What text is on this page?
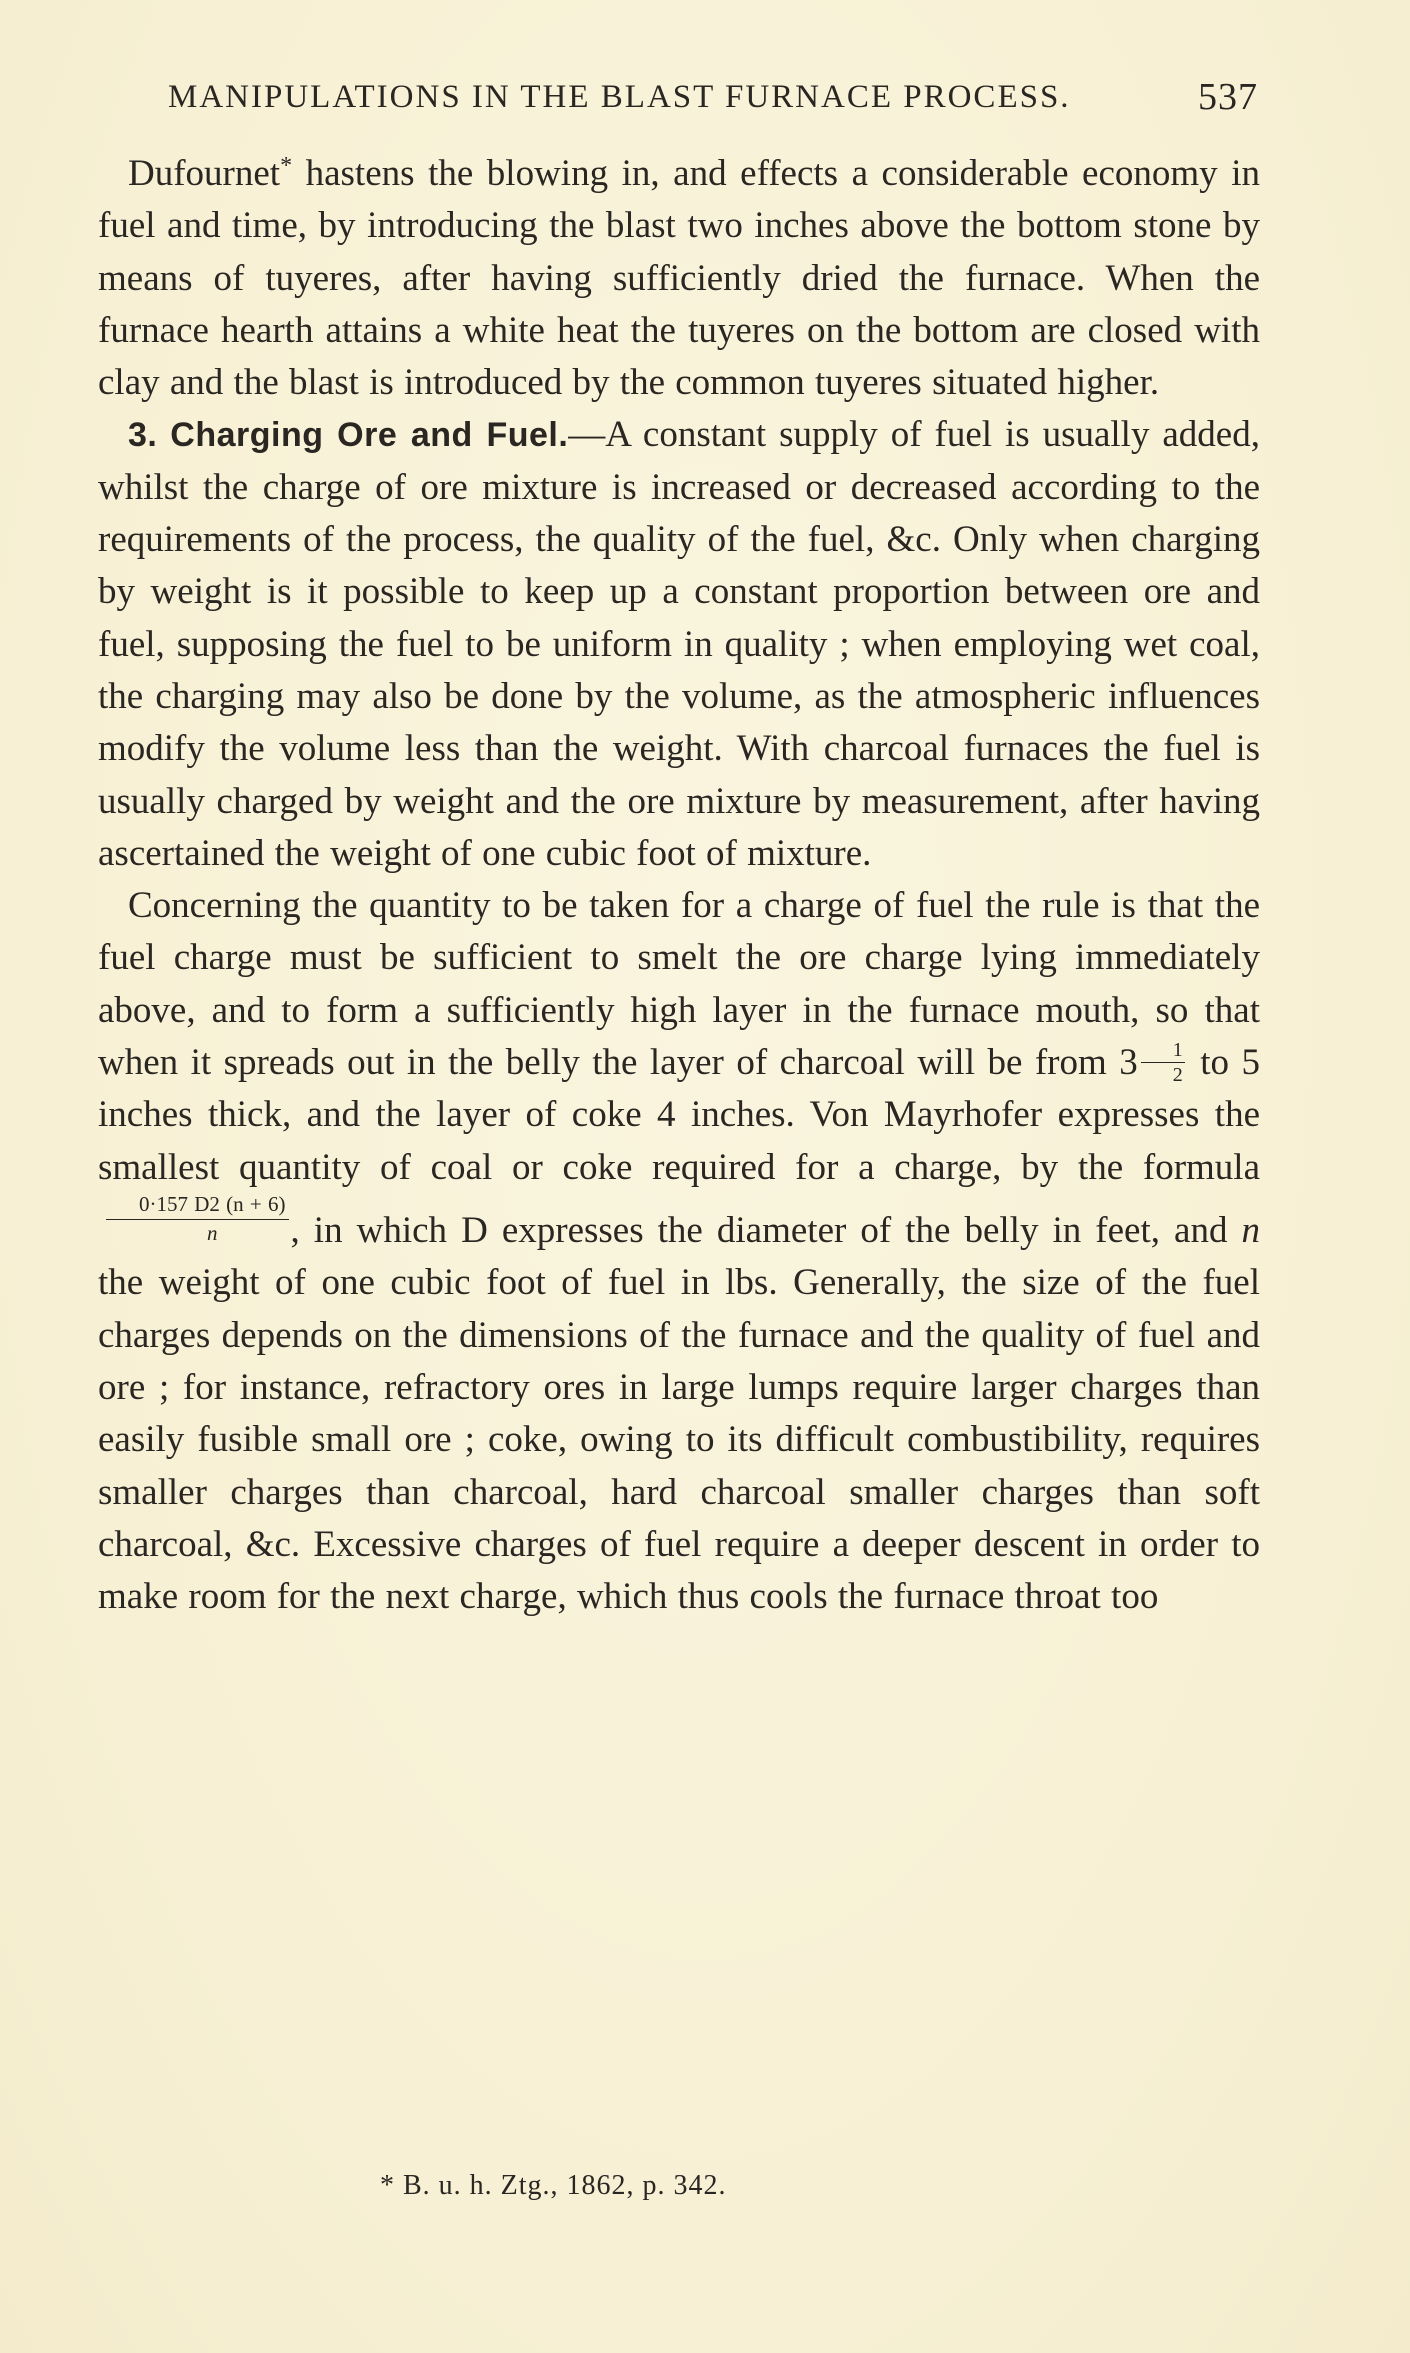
MANIPULATIONS IN THE BLAST FURNACE PROCESS.	537

Dufournet* hastens the blowing in, and effects a considerable economy in fuel and time, by introducing the blast two inches above the bottom stone by means of tuyeres, after having sufficiently dried the furnace. When the furnace hearth attains a white heat the tuyeres on the bottom are closed with clay and the blast is introduced by the common tuyeres situated higher.

3. Charging Ore and Fuel.—A constant supply of fuel is usually added, whilst the charge of ore mixture is increased or decreased according to the requirements of the process, the quality of the fuel, &c. Only when charging by weight is it possible to keep up a constant proportion between ore and fuel, supposing the fuel to be uniform in quality ; when employing wet coal, the charging may also be done by the volume, as the atmospheric influences modify the volume less than the weight. With charcoal furnaces the fuel is usually charged by weight and the ore mixture by measurement, after having ascertained the weight of one cubic foot of mixture.

Concerning the quantity to be taken for a charge of fuel the rule is that the fuel charge must be sufficient to smelt the ore charge lying immediately above, and to form a sufficiently high layer in the furnace mouth, so that when it spreads out in the belly the layer of charcoal will be from $3 \frac{1}{2}$ to 5 inches thick, and the layer of coke 4 inches. Von Mayrhofer expresses the smallest quantity of coal or coke required for a charge, by the formula
$\frac{0\cdot 157 D2 (n + 6)}{n}$ , in which D expresses the diameter of the belly in feet, and n the weight of one cubic foot of fuel in lbs. Generally, the size of the fuel charges depends on the dimensions of the furnace and the quality of fuel and ore ; for instance, refractory ores in large lumps require larger charges than easily fusible small ore ; coke, owing to its difficult combustibility, requires smaller charges than charcoal, hard charcoal smaller charges than soft charcoal, &c. Excessive charges of fuel require a deeper descent in order to make room for the next charge, which thus cools the furnace throat too

* B. u. h. Ztg., 1862, p. 342.
